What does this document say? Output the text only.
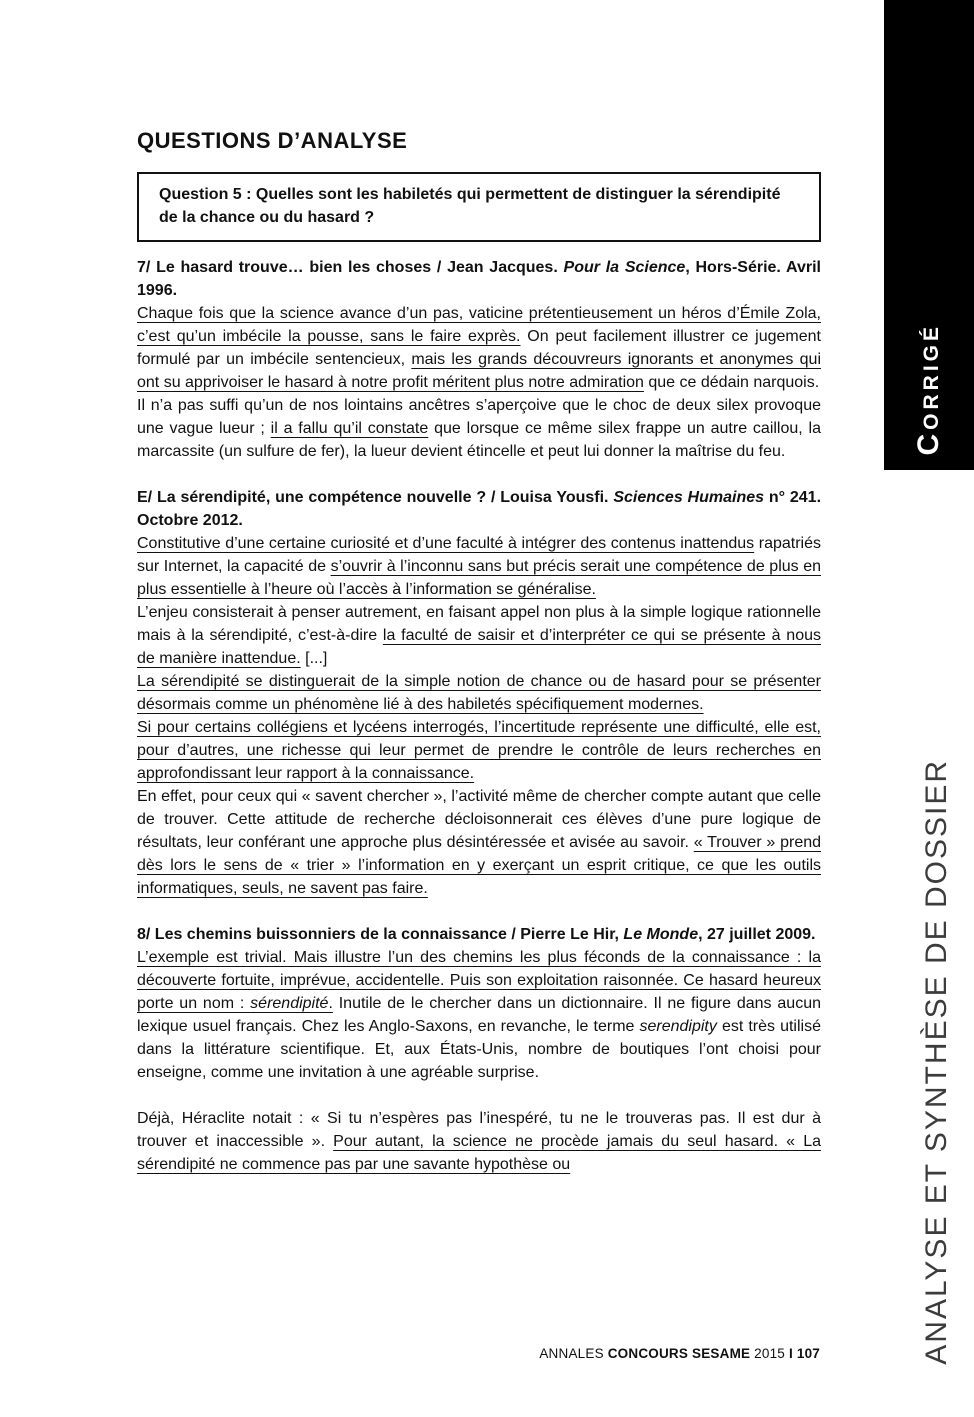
Corrigé
ANALYSE ET SYNTHÈSE DE DOSSIER
QUESTIONS D’ANALYSE
Question 5 : Quelles sont les habiletés qui permettent de distinguer la sérendipité de la chance ou du hasard ?
7/ Le hasard trouve… bien les choses / Jean Jacques. Pour la Science, Hors-Série. Avril 1996.

Chaque fois que la science avance d’un pas, vaticine prétentieusement un héros d’Émile Zola, c’est qu’un imbécile la pousse, sans le faire exprès. On peut facilement illustrer ce jugement formulé par un imbécile sentencieux, mais les grands découvreurs ignorants et anonymes qui ont su apprivoiser le hasard à notre profit méritent plus notre admiration que ce dédain narquois.

Il n’a pas suffi qu’un de nos lointains ancêtres s’aperçoive que le choc de deux silex provoque une vague lueur ; il a fallu qu’il constate que lorsque ce même silex frappe un autre caillou, la marcassite (un sulfure de fer), la lueur devient étincelle et peut lui donner la maîtrise du feu.

E/ La sérendipité, une compétence nouvelle ? / Louisa Yousfi. Sciences Humaines n° 241. Octobre 2012.

Constitutive d’une certaine curiosité et d’une faculté à intégrer des contenus inattendus rapatriés sur Internet, la capacité de s’ouvrir à l’inconnu sans but précis serait une compétence de plus en plus essentielle à l’heure où l’accès à l’information se généralise.

L’enjeu consisterait à penser autrement, en faisant appel non plus à la simple logique rationnelle mais à la sérendipité, c’est-à-dire la faculté de saisir et d’interpréter ce qui se présente à nous de manière inattendue. [...]

La sérendipité se distinguerait de la simple notion de chance ou de hasard pour se présenter désormais comme un phénomène lié à des habiletés spécifiquement modernes.

Si pour certains collégiens et lycéens interrogés, l’incertitude représente une difficulté, elle est, pour d’autres, une richesse qui leur permet de prendre le contrôle de leurs recherches en approfondissant leur rapport à la connaissance.

En effet, pour ceux qui « savent chercher », l’activité même de chercher compte autant que celle de trouver. Cette attitude de recherche décloisonnerait ces élèves d’une pure logique de résultats, leur conférant une approche plus désintéressée et avisée au savoir. « Trouver » prend dès lors le sens de « trier » l’information en y exerçant un esprit critique, ce que les outils informatiques, seuls, ne savent pas faire.

8/ Les chemins buissonniers de la connaissance / Pierre Le Hir, Le Monde, 27 juillet 2009.

L’exemple est trivial. Mais illustre l’un des chemins les plus féconds de la connaissance : la découverte fortuite, imprévue, accidentelle. Puis son exploitation raisonnée. Ce hasard heureux porte un nom : sérendipité. Inutile de le chercher dans un dictionnaire. Il ne figure dans aucun lexique usuel français. Chez les Anglo-Saxons, en revanche, le terme serendipity est très utilisé dans la littérature scientifique. Et, aux États-Unis, nombre de boutiques l’ont choisi pour enseigne, comme une invitation à une agréable surprise.

Déjà, Héraclite notait : « Si tu n’espères pas l’inespéré, tu ne le trouveras pas. Il est dur à trouver et inaccessible ». Pour autant, la science ne procède jamais du seul hasard. « La sérendipité ne commence pas par une savante hypothèse ou

ANNALES CONCOURS SESAME 2015 I 107
